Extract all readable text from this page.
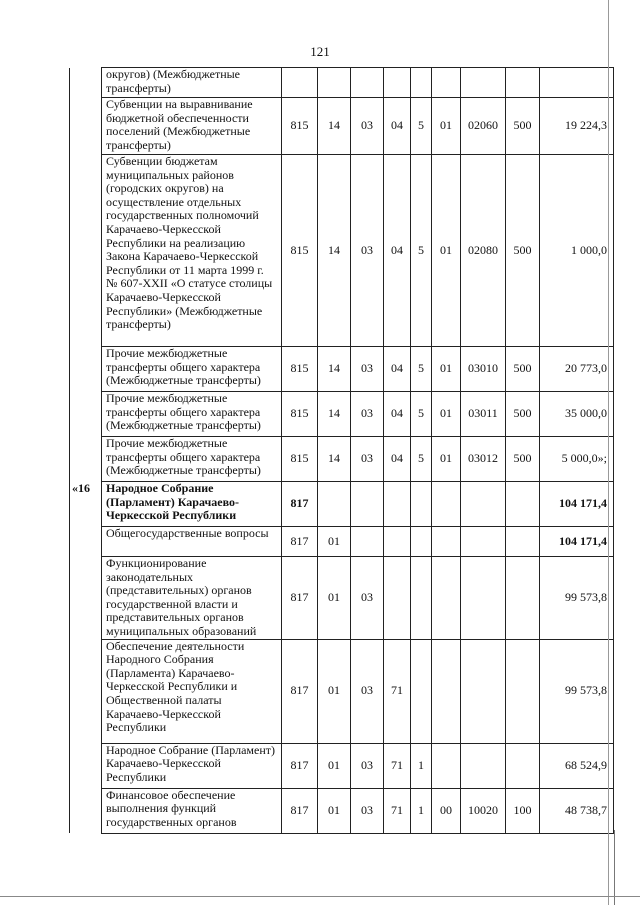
121
	округов) (Межбюджетные трансферты)									
	Субвенции на выравнивание бюджетной обеспеченности поселений (Межбюджетные трансферты)	815	14	03	04	5	01	02060	500	19 224,3
	Субвенции бюджетам муниципальных районов (городских округов) на осуществление отдельных государственных полномочий Карачаево-Черкесской Республики на реализацию Закона Карачаево-Черкесской Республики от 11 марта 1999 г. № 607-XXII «О статусе столицы Карачаево-Черкесской Республики» (Межбюджетные трансферты)	815	14	03	04	5	01	02080	500	1 000,0
	Прочие межбюджетные трансферты общего характера (Межбюджетные трансферты)	815	14	03	04	5	01	03010	500	20 773,0
	Прочие межбюджетные трансферты общего характера (Межбюджетные трансферты)	815	14	03	04	5	01	03011	500	35 000,0
	Прочие межбюджетные трансферты общего характера (Межбюджетные трансферты)	815	14	03	04	5	01	03012	500	5 000,0»;
«16	Народное Собрание (Парламент) Карачаево-Черкесской Республики	817								104 171,4
	Общегосударственные вопросы	817	01							104 171,4
	Функционирование законодательных (представительных) органов государственной власти и представительных органов муниципальных образований	817	01	03						99 573,8
	Обеспечение деятельности Народного Собрания (Парламента) Карачаево-Черкесской Республики и Общественной палаты Карачаево-Черкесской Республики	817	01	03	71					99 573,8
	Народное Собрание (Парламент) Карачаево-Черкесской Республики	817	01	03	71	1				68 524,9
	Финансовое обеспечение выполнения функций государственных органов	817	01	03	71	1	00	10020	100	48 738,7
